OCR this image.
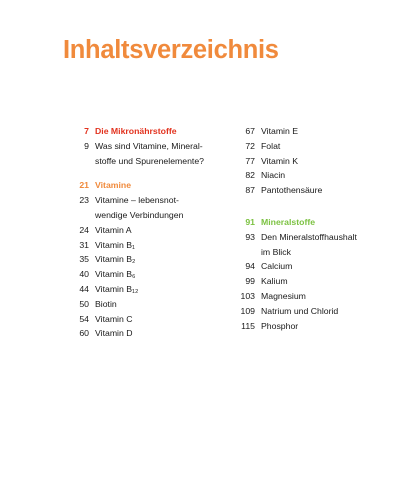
Inhaltsverzeichnis
7 Die Mikronährstoffe
9 Was sind Vitamine, Mineral-
stoffe und Spurenelemente?
21 Vitamine
23 Vitamine – lebensnot-
wendige Verbindungen
24 Vitamin A
31 Vitamin B₁
35 Vitamin B₂
40 Vitamin B₆
44 Vitamin B₁₂
50 Biotin
54 Vitamin C
60 Vitamin D
67 Vitamin E
72 Folat
77 Vitamin K
82 Niacin
87 Pantothensäure
91 Mineralstoffe
93 Den Mineralstoffhaushalt
im Blick
94 Calcium
99 Kalium
103 Magnesium
109 Natrium und Chlorid
115 Phosphor
